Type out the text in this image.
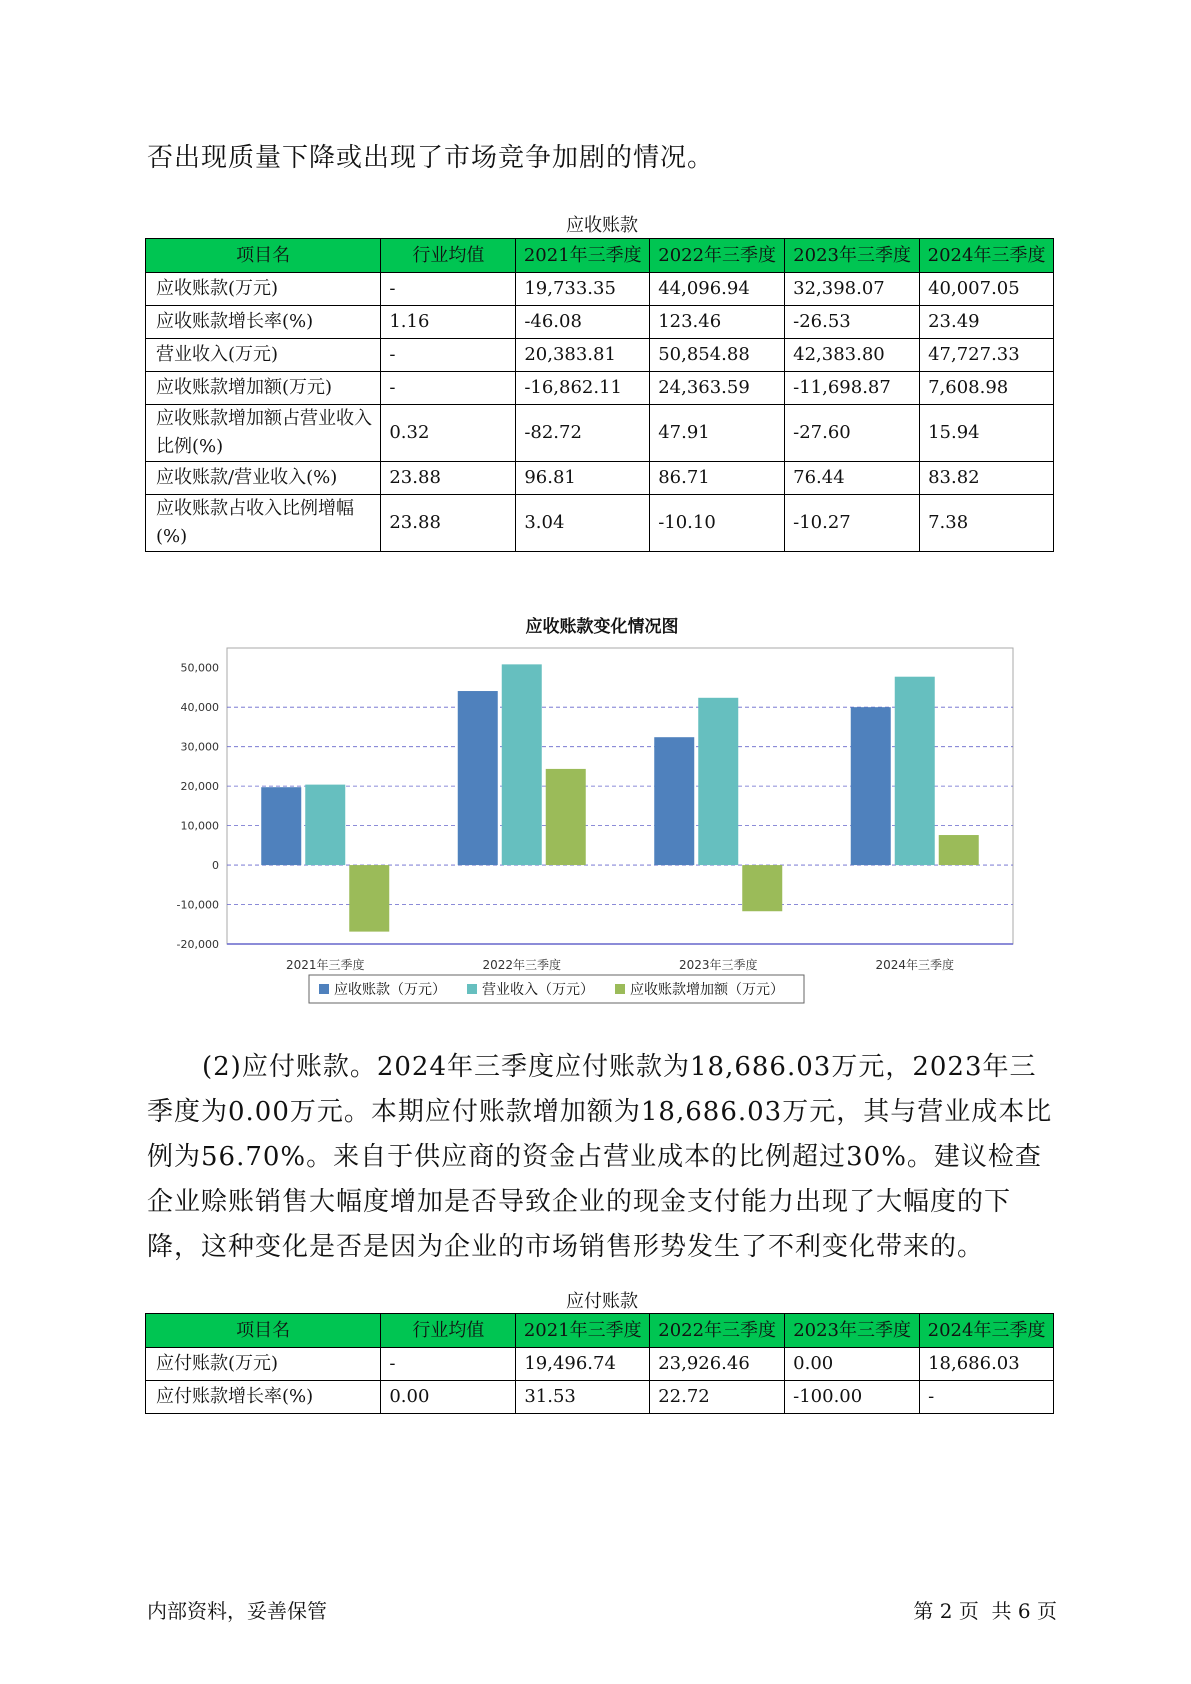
否出现质量下降或出现了市场竞争加剧的情况。

应收账款
项目名	行业均值	2021年三季度	2022年三季度	2023年三季度	2024年三季度
应收账款(万元)	-	19,733.35	44,096.94	32,398.07	40,007.05
应收账款增长率(%)	1.16	-46.08	123.46	-26.53	23.49
营业收入(万元)	-	20,383.81	50,854.88	42,383.80	47,727.33
应收账款增加额(万元)	-	-16,862.11	24,363.59	-11,698.87	7,608.98
应收账款增加额占营业收入比例(%)	0.32	-82.72	47.91	-27.60	15.94
应收账款/营业收入(%)	23.88	96.81	86.71	76.44	83.82
应收账款占收入比例增幅(%)	23.88	3.04	-10.10	-10.27	7.38
应收账款变化情况图
50,000
40,000
30,000
20,000
10,000
0
-10,000
-20,000
2021年三季度	2022年三季度	2023年三季度	2024年三季度
应收账款（万元）	营业收入（万元）	应收账款增加额（万元）

(2)应付账款。2024年三季度应付账款为18,686.03万元，2023年三季度为0.00万元。本期应付账款增加额为18,686.03万元，其与营业成本比例为56.70%。来自于供应商的资金占营业成本的比例超过30%。建议检查企业赊账销售大幅度增加是否导致企业的现金支付能力出现了大幅度的下降，这种变化是否是因为企业的市场销售形势发生了不利变化带来的。

应付账款
项目名	行业均值	2021年三季度	2022年三季度	2023年三季度	2024年三季度
应付账款(万元)	-	19,496.74	23,926.46	0.00	18,686.03
应付账款增长率(%)	0.00	31.53	22.72	-100.00	-
内部资料，妥善保管	第 2 页  共 6 页
